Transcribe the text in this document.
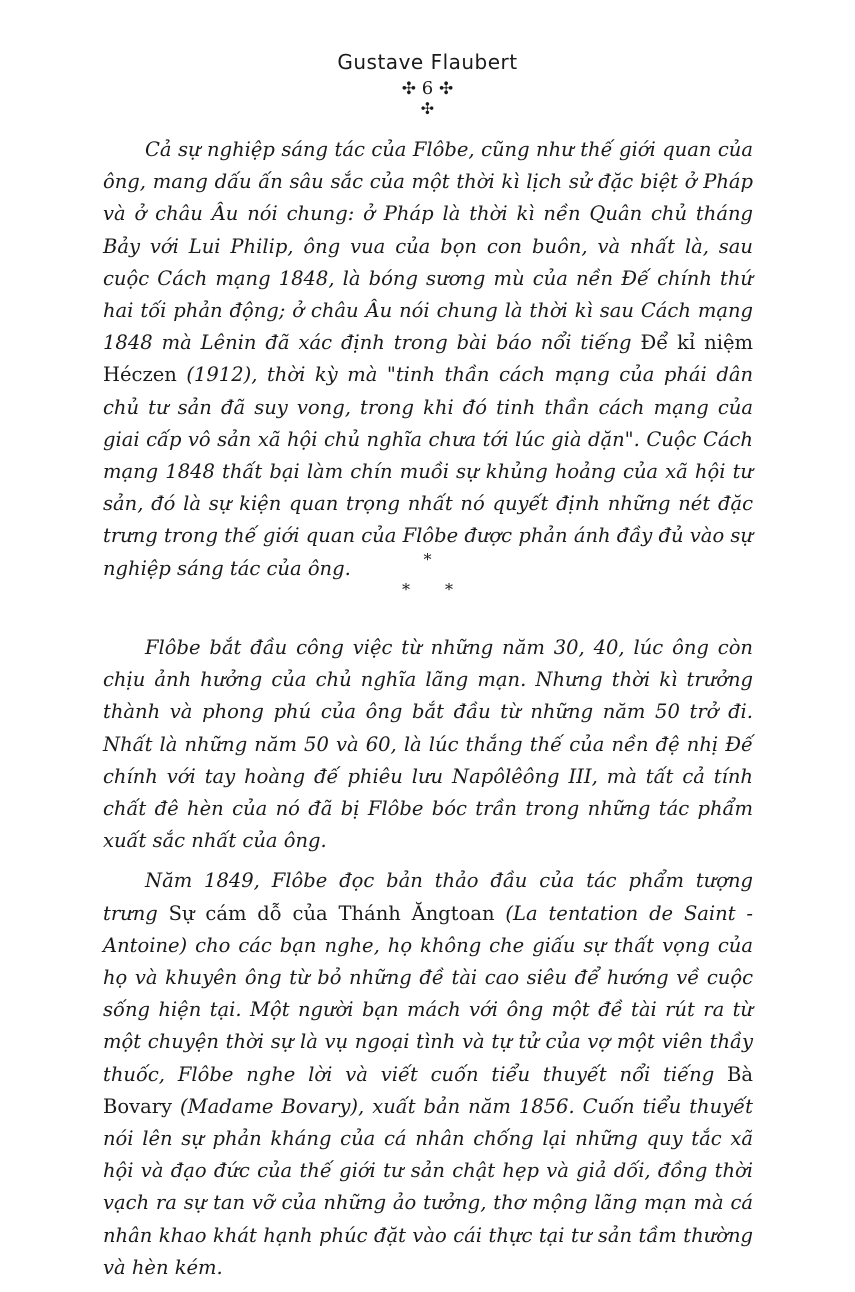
Gustave Flaubert
✣ 6 ✣
✣

Cả sự nghiệp sáng tác của Flôbe, cũng như thế giới quan của ông, mang dấu ấn sâu sắc của một thời kì lịch sử đặc biệt ở Pháp và ở châu Âu nói chung: ở Pháp là thời kì nền Quân chủ tháng Bảy với Lui Philip, ông vua của bọn con buôn, và nhất là, sau cuộc Cách mạng 1848, là bóng sương mù của nền Đế chính thứ hai tối phản động; ở châu Âu nói chung là thời kì sau Cách mạng 1848 mà Lênin đã xác định trong bài báo nổi tiếng Để kỉ niệm Héczen (1912), thời kỳ mà "tinh thần cách mạng của phái dân chủ tư sản đã suy vong, trong khi đó tinh thần cách mạng của giai cấp vô sản xã hội chủ nghĩa chưa tới lúc già dặn". Cuộc Cách mạng 1848 thất bại làm chín muồi sự khủng hoảng của xã hội tư sản, đó là sự kiện quan trọng nhất nó quyết định những nét đặc trưng trong thế giới quan của Flôbe được phản ánh đầy đủ vào sự nghiệp sáng tác của ông.	*
* *

Flôbe bắt đầu công việc từ những năm 30, 40, lúc ông còn chịu ảnh hưởng của chủ nghĩa lãng mạn. Nhưng thời kì trưởng thành và phong phú của ông bắt đầu từ những năm 50 trở đi. Nhất là những năm 50 và 60, là lúc thắng thế của nền đệ nhị Đế chính với tay hoàng đế phiêu lưu Napôlêông III, mà tất cả tính chất đê hèn của nó đã bị Flôbe bóc trần trong những tác phẩm xuất sắc nhất của ông.

Năm 1849, Flôbe đọc bản thảo đầu của tác phẩm tượng trưng Sự cám dỗ của Thánh Ăngtoan (La tentation de Saint - Antoine) cho các bạn nghe, họ không che giấu sự thất vọng của họ và khuyên ông từ bỏ những đề tài cao siêu để hướng về cuộc sống hiện tại. Một người bạn mách với ông một đề tài rút ra từ một chuyện thời sự là vụ ngoại tình và tự tử của vợ một viên thầy thuốc, Flôbe nghe lời và viết cuốn tiểu thuyết nổi tiếng Bà Bovary (Madame Bovary), xuất bản năm 1856. Cuốn tiểu thuyết nói lên sự phản kháng của cá nhân chống lại những quy tắc xã hội và đạo đức của thế giới tư sản chật hẹp và giả dối, đồng thời vạch ra sự tan vỡ của những ảo tưởng, thơ mộng lãng mạn mà cá nhân khao khát hạnh phúc đặt vào cái thực tại tư sản tầm thường và hèn kém.
